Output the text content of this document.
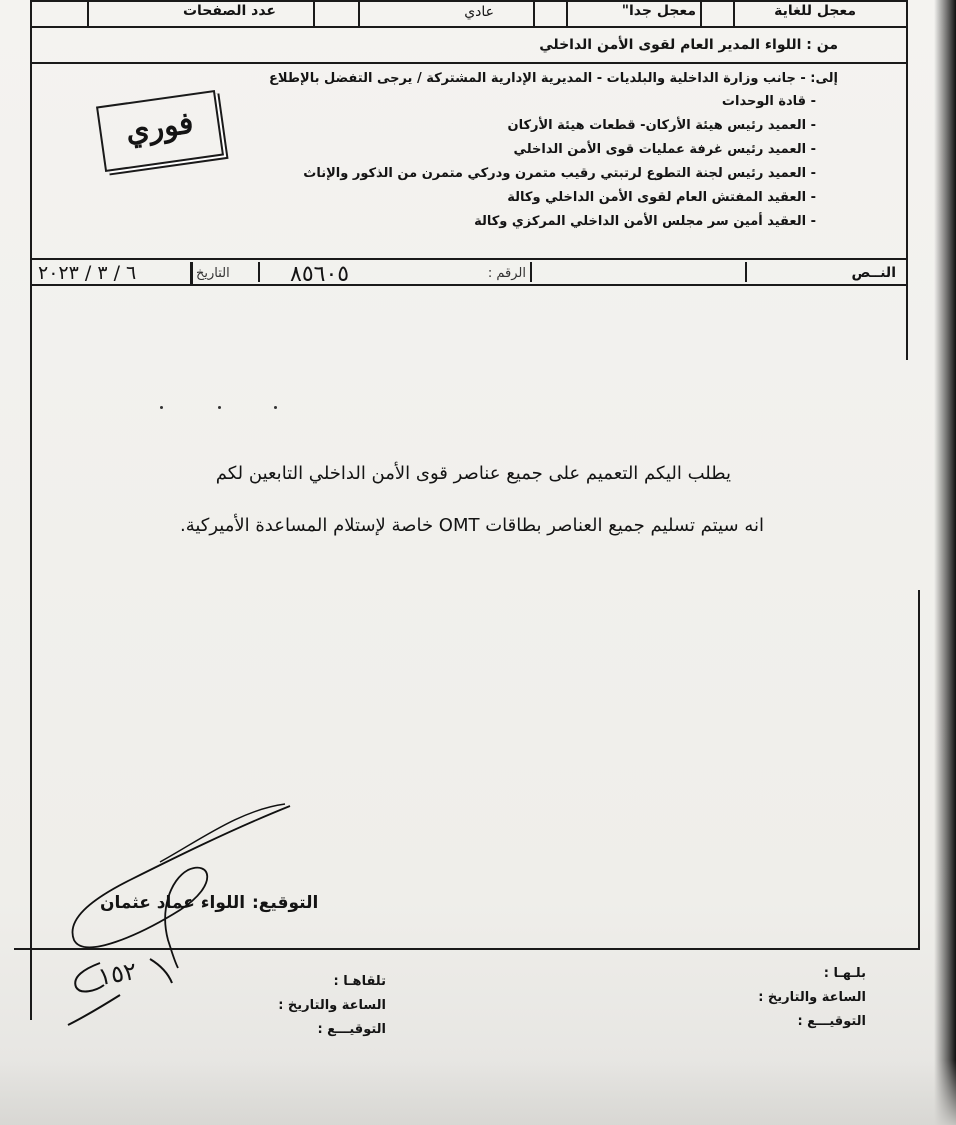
معجل للغاية
معجل جدا"
عادي
عدد الصفحات
من : اللواء المدير العام لقوى الأمن الداخلي
إلى: - جانب وزارة الداخلية والبلديات - المديرية الإدارية المشتركة / يرجى التفضل بالإطلاع
- قادة الوحدات
- العميد رئيس هيئة الأركان- قطعات هيئة الأركان
- العميد رئيس غرفة عمليات قوى الأمن الداخلي
- العميد رئيس لجنة التطوع لرتبتي رقيب متمرن ودركي متمرن من الذكور والإناث
- العقيد المفتش العام لقوى الأمن الداخلي وكالة
- العقيد أمين سر مجلس الأمن الداخلي المركزي وكالة
فوري
النــص
الرقم :
٨٥٦٠٥
التاريخ
٦ / ٣ / ٢٠٢٣
يطلب اليكم التعميم على جميع عناصر قوى الأمن الداخلي التابعين لكم
انه سيتم تسليم جميع العناصر بطاقات OMT خاصة لإستلام المساعدة الأميركية.
التوقيع:
اللواء عماد عثمان
بلـهـا :
الساعة والتاريخ :
التوقيـــع :
تلقاهـا :
الساعة والتاريخ :
التوقيـــع :
١٥٢
